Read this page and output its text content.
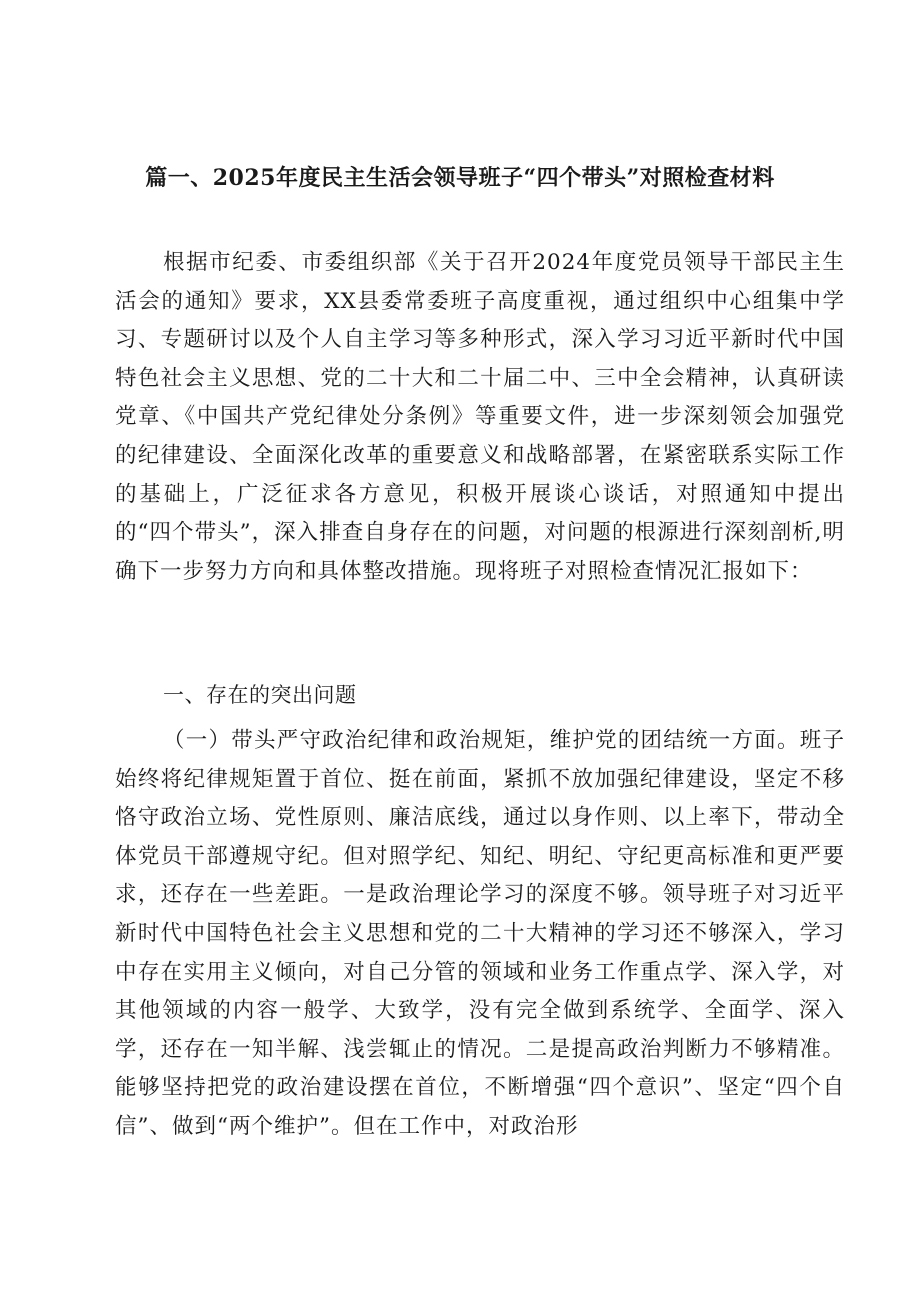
篇一、2025年度民主生活会领导班子“四个带头”对照检查材料

根据市纪委、市委组织部《关于召开2024年度党员领导干部民主生活会的通知》要求，XX县委常委班子高度重视，通过组织中心组集中学习、专题研讨以及个人自主学习等多种形式，深入学习习近平新时代中国特色社会主义思想、党的二十大和二十届二中、三中全会精神，认真研读党章、《中国共产党纪律处分条例》等重要文件，进一步深刻领会加强党的纪律建设、全面深化改革的重要意义和战略部署，在紧密联系实际工作的基础上，广泛征求各方意见，积极开展谈心谈话，对照通知中提出的“四个带头”，深入排查自身存在的问题，对问题的根源进行深刻剖析,明确下一步努力方向和具体整改措施。现将班子对照检查情况汇报如下：

一、存在的突出问题

（一）带头严守政治纪律和政治规矩，维护党的团结统一方面。班子始终将纪律规矩置于首位、挺在前面，紧抓不放加强纪律建设，坚定不移恪守政治立场、党性原则、廉洁底线，通过以身作则、以上率下，带动全体党员干部遵规守纪。但对照学纪、知纪、明纪、守纪更高标准和更严要求，还存在一些差距。一是政治理论学习的深度不够。领导班子对习近平新时代中国特色社会主义思想和党的二十大精神的学习还不够深入，学习中存在实用主义倾向，对自己分管的领域和业务工作重点学、深入学，对其他领域的内容一般学、大致学，没有完全做到系统学、全面学、深入学，还存在一知半解、浅尝辄止的情况。二是提高政治判断力不够精准。能够坚持把党的政治建设摆在首位，不断增强“四个意识”、坚定“四个自信”、做到“两个维护”。但在工作中，对政治形
